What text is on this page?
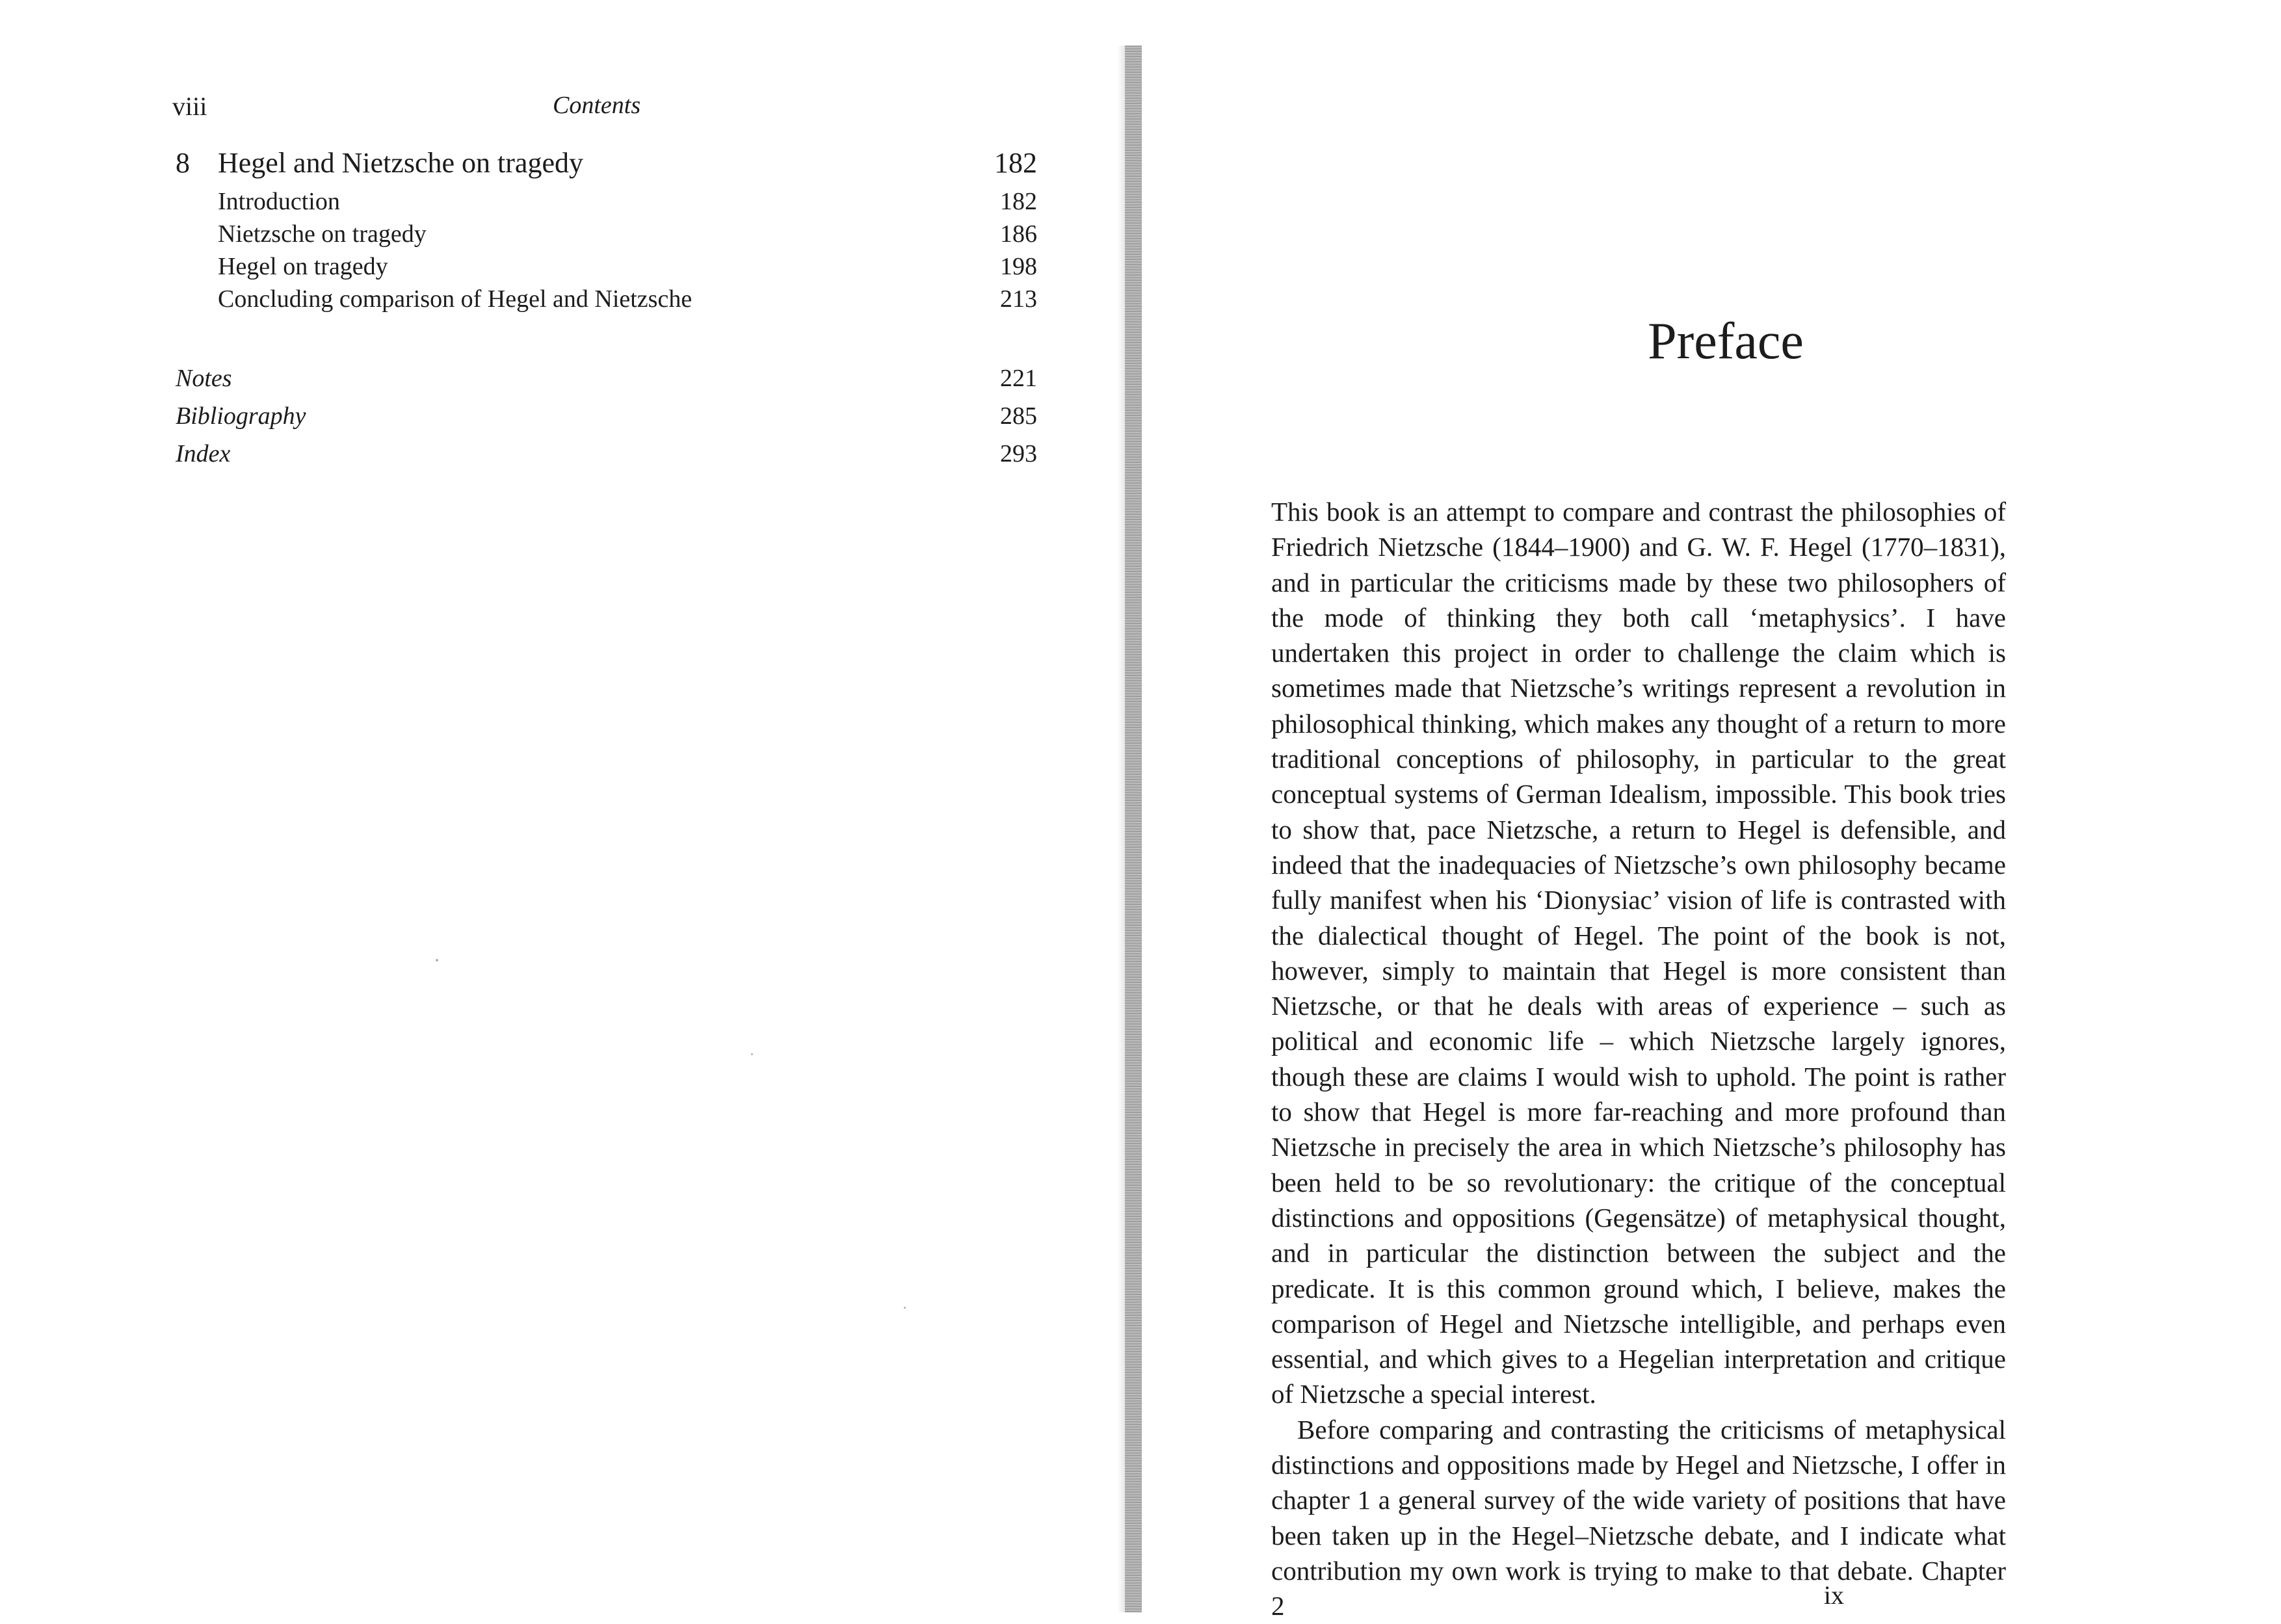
viii	Contents
8 Hegel and Nietzsche on tragedy	182
Introduction	182
Nietzsche on tragedy	186
Hegel on tragedy	198
Concluding comparison of Hegel and Nietzsche	213
Notes	221
Bibliography	285
Index	293
Preface

This book is an attempt to compare and contrast the philosophies of Friedrich Nietzsche (1844–1900) and G. W. F. Hegel (1770–1831), and in particular the criticisms made by these two philosophers of the mode of thinking they both call ‘metaphysics’. I have undertaken this project in order to challenge the claim which is sometimes made that Nietzsche’s writings represent a revolution in philosophical thinking, which makes any thought of a return to more traditional conceptions of philosophy, in particular to the great conceptual systems of German Idealism, impossible. This book tries to show that, pace Nietzsche, a return to Hegel is defensible, and indeed that the inadequacies of Nietzsche’s own philosophy became fully manifest when his ‘Dionysiac’ vision of life is contrasted with the dialectical thought of Hegel. The point of the book is not, however, simply to maintain that Hegel is more consistent than Nietzsche, or that he deals with areas of experience – such as political and economic life – which Nietzsche largely ignores, though these are claims I would wish to uphold. The point is rather to show that Hegel is more far-reaching and more profound than Nietzsche in precisely the area in which Nietzsche’s philosophy has been held to be so revolutionary: the critique of the conceptual distinctions and oppositions (Gegensätze) of metaphysical thought, and in particular the distinction between the subject and the predicate. It is this common ground which, I believe, makes the comparison of Hegel and Nietzsche intelligible, and perhaps even essential, and which gives to a Hegelian interpretation and critique of Nietzsche a special interest.

Before comparing and contrasting the criticisms of metaphysical distinctions and oppositions made by Hegel and Nietzsche, I offer in chapter 1 a general survey of the wide variety of positions that have been taken up in the Hegel–Nietzsche debate, and I indicate what contribution my own work is trying to make to that debate. Chapter 2	ix
